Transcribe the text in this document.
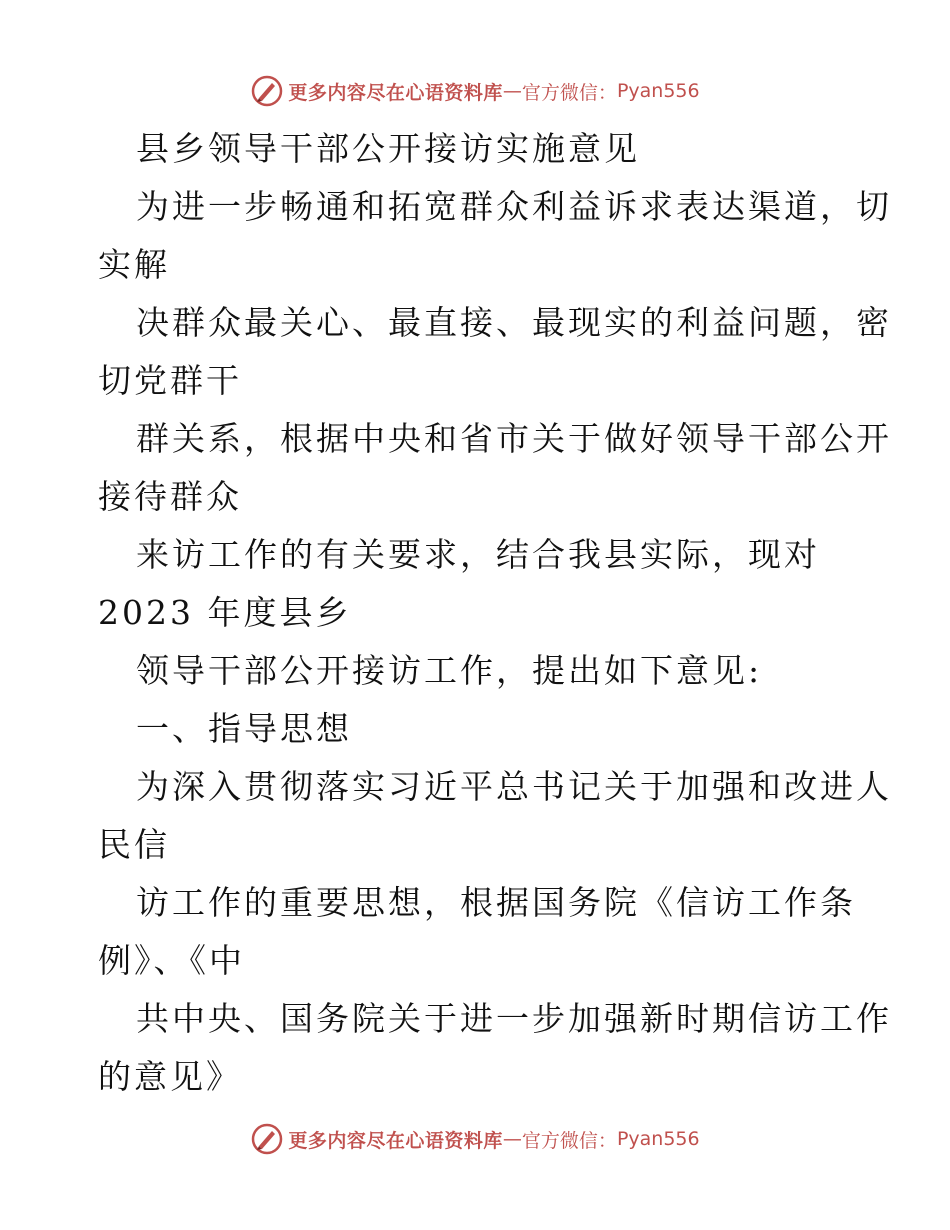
更多内容尽在心语资料库 — 官方微信： Pyan556
县乡领导干部公开接访实施意见
为进一步畅通和拓宽群众利益诉求表达渠道，切
实解
决群众最关心、最直接、最现实的利益问题，密
切党群干
群关系，根据中央和省市关于做好领导干部公开
接待群众
来访工作的有关要求，结合我县实际，现对
2023 年度县乡
领导干部公开接访工作，提出如下意见:
一、指导思想
为深入贯彻落实习近平总书记关于加强和改进人
民信
访工作的重要思想，根据国务院《信访工作条
例》、《中
共中央、国务院关于进一步加强新时期信访工作
的意见》
更多内容尽在心语资料库 — 官方微信： Pyan556
